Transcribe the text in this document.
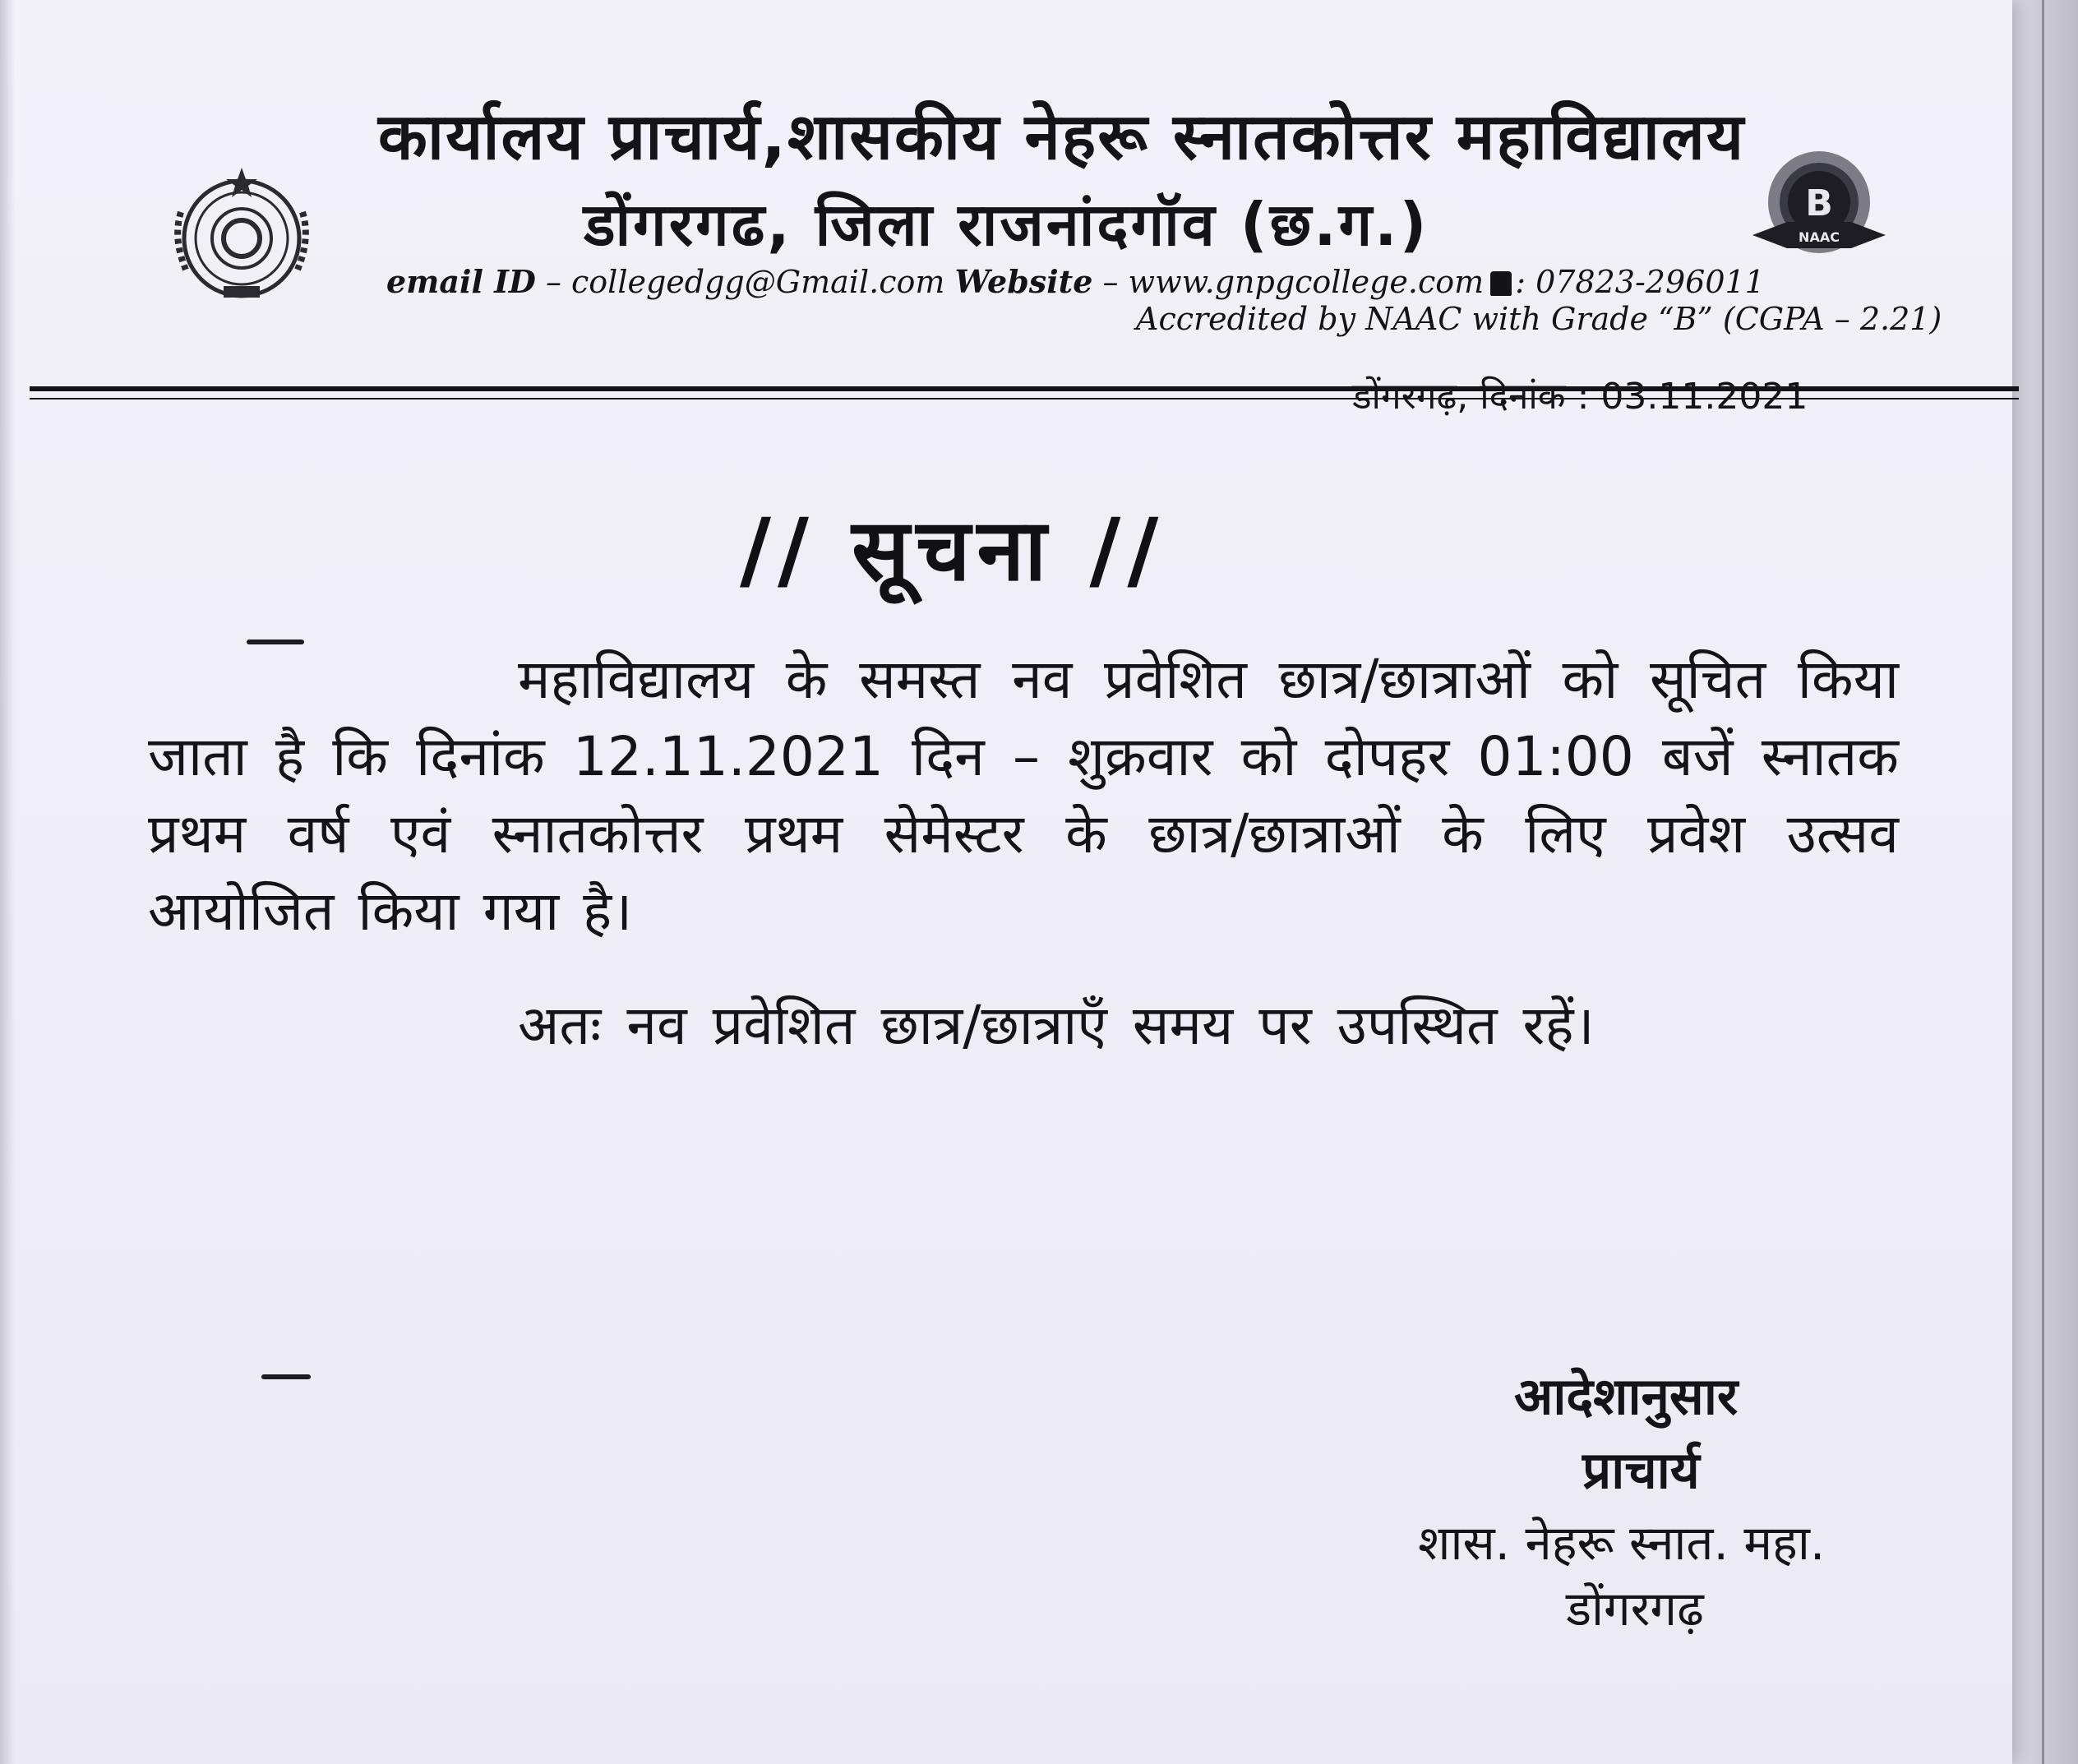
B
NAAC
कार्यालय प्राचार्य,शासकीय नेहरू स्नातकोत्तर महाविद्यालय
डोंगरगढ, जिला राजनांदगॉव (छ.ग.)
email ID – collegedgg@Gmail.com Website – www.gnpgcollege.com : 07823-296011
Accredited by NAAC with Grade “B” (CGPA – 2.21)
डोंगरगढ़, दिनांक : 03.11.2021
// सूचना //
महाविद्यालय के समस्त नव प्रवेशित छात्र/छात्राओं को सूचित किया जाता है कि दिनांक 12.11.2021 दिन – शुक्रवार को दोपहर 01:00 बजें स्नातक प्रथम वर्ष एवं स्नातकोत्तर प्रथम सेमेस्टर के छात्र/छात्राओं के लिए प्रवेश उत्सव आयोजित किया गया है।
अतः नव प्रवेशित छात्र/छात्राएँ समय पर उपस्थित रहें।
आदेशानुसार
प्राचार्य
शास. नेहरू स्नात. महा.
डोंगरगढ़
